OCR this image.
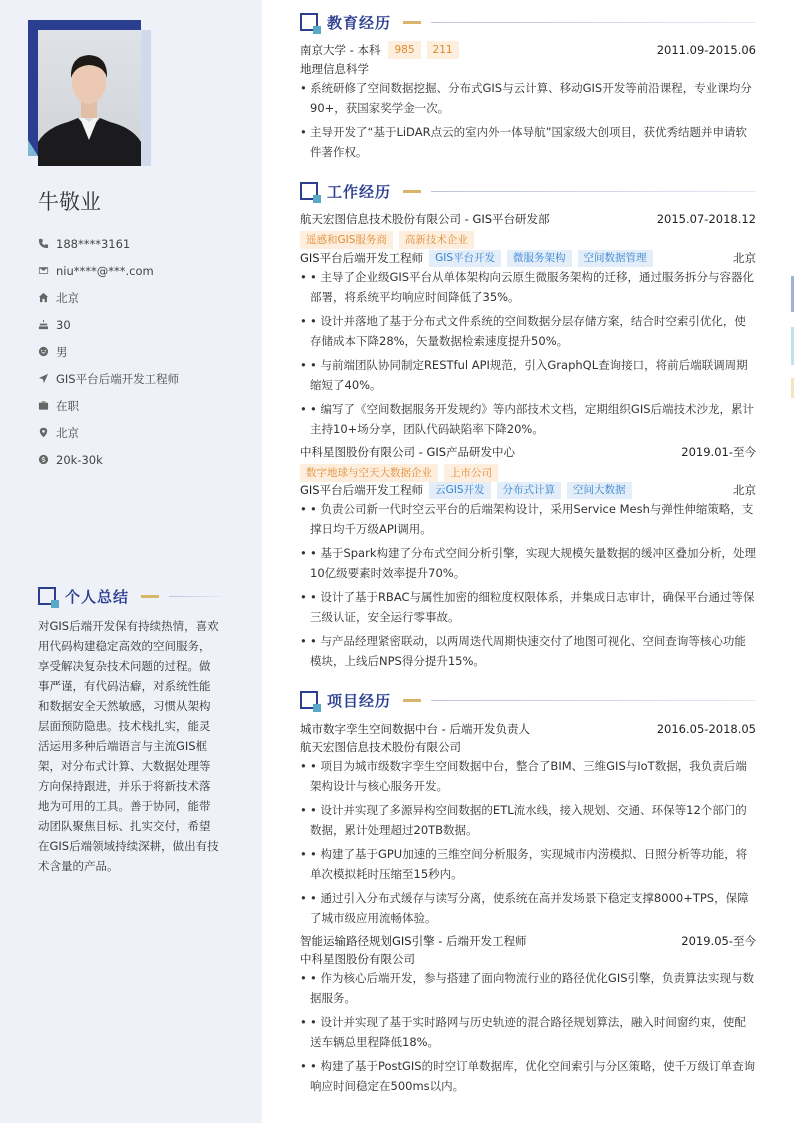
牛敬业
188****3161
niu****@***.com
北京
30
男
GIS平台后端开发工程师
在职
北京
20k-30k
个人总结
对GIS后端开发保有持续热情，喜欢用代码构建稳定高效的空间服务，享受解决复杂技术问题的过程。做事严谨，有代码洁癖，对系统性能和数据安全天然敏感，习惯从架构层面预防隐患。技术栈扎实，能灵活运用多种后端语言与主流GIS框架，对分布式计算、大数据处理等方向保持跟进，并乐于将新技术落地为可用的工具。善于协同，能带动团队聚焦目标、扎实交付，希望在GIS后端领域持续深耕，做出有技术含量的产品。
教育经历
南京大学 - 本科	985	211	2011.09-2015.06
地理信息科学
• 系统研修了空间数据挖掘、分布式GIS与云计算、移动GIS开发等前沿课程，专业课均分90+，获国家奖学金一次。
• 主导开发了“基于LiDAR点云的室内外一体导航”国家级大创项目，获优秀结题并申请软件著作权。
工作经历
航天宏图信息技术股份有限公司 - GIS平台研发部	2015.07-2018.12
遥感和GIS服务商	高新技术企业
GIS平台后端开发工程师	GIS平台开发	微服务架构	空间数据管理	北京
• • 主导了企业级GIS平台从单体架构向云原生微服务架构的迁移，通过服务拆分与容器化部署，将系统平均响应时间降低了35%。
• • 设计并落地了基于分布式文件系统的空间数据分层存储方案，结合时空索引优化，使存储成本下降28%，矢量数据检索速度提升50%。
• • 与前端团队协同制定RESTful API规范，引入GraphQL查询接口，将前后端联调周期缩短了40%。
• • 编写了《空间数据服务开发规约》等内部技术文档，定期组织GIS后端技术沙龙，累计主持10+场分享，团队代码缺陷率下降20%。
中科星图股份有限公司 - GIS产品研发中心	2019.01-至今
数字地球与空天大数据企业	上市公司
GIS平台后端开发工程师	云GIS开发	分布式计算	空间大数据	北京
• • 负责公司新一代时空云平台的后端架构设计，采用Service Mesh与弹性伸缩策略，支撑日均千万级API调用。
• • 基于Spark构建了分布式空间分析引擎，实现大规模矢量数据的缓冲区叠加分析，处理10亿级要素时效率提升70%。
• • 设计了基于RBAC与属性加密的细粒度权限体系，并集成日志审计，确保平台通过等保三级认证，安全运行零事故。
• • 与产品经理紧密联动，以两周迭代周期快速交付了地图可视化、空间查询等核心功能模块，上线后NPS得分提升15%。
项目经历
城市数字孪生空间数据中台 - 后端开发负责人	2016.05-2018.05
航天宏图信息技术股份有限公司
• • 项目为城市级数字孪生空间数据中台，整合了BIM、三维GIS与IoT数据，我负责后端架构设计与核心服务开发。
• • 设计并实现了多源异构空间数据的ETL流水线，接入规划、交通、环保等12个部门的数据，累计处理超过20TB数据。
• • 构建了基于GPU加速的三维空间分析服务，实现城市内涝模拟、日照分析等功能，将单次模拟耗时压缩至15秒内。
• • 通过引入分布式缓存与读写分离，使系统在高并发场景下稳定支撑8000+TPS，保障了城市级应用流畅体验。
智能运输路径规划GIS引擎 - 后端开发工程师	2019.05-至今
中科星图股份有限公司
• • 作为核心后端开发，参与搭建了面向物流行业的路径优化GIS引擎，负责算法实现与数据服务。
• • 设计并实现了基于实时路网与历史轨迹的混合路径规划算法，融入时间窗约束，使配送车辆总里程降低18%。
• • 构建了基于PostGIS的时空订单数据库，优化空间索引与分区策略，使千万级订单查询响应时间稳定在500ms以内。
